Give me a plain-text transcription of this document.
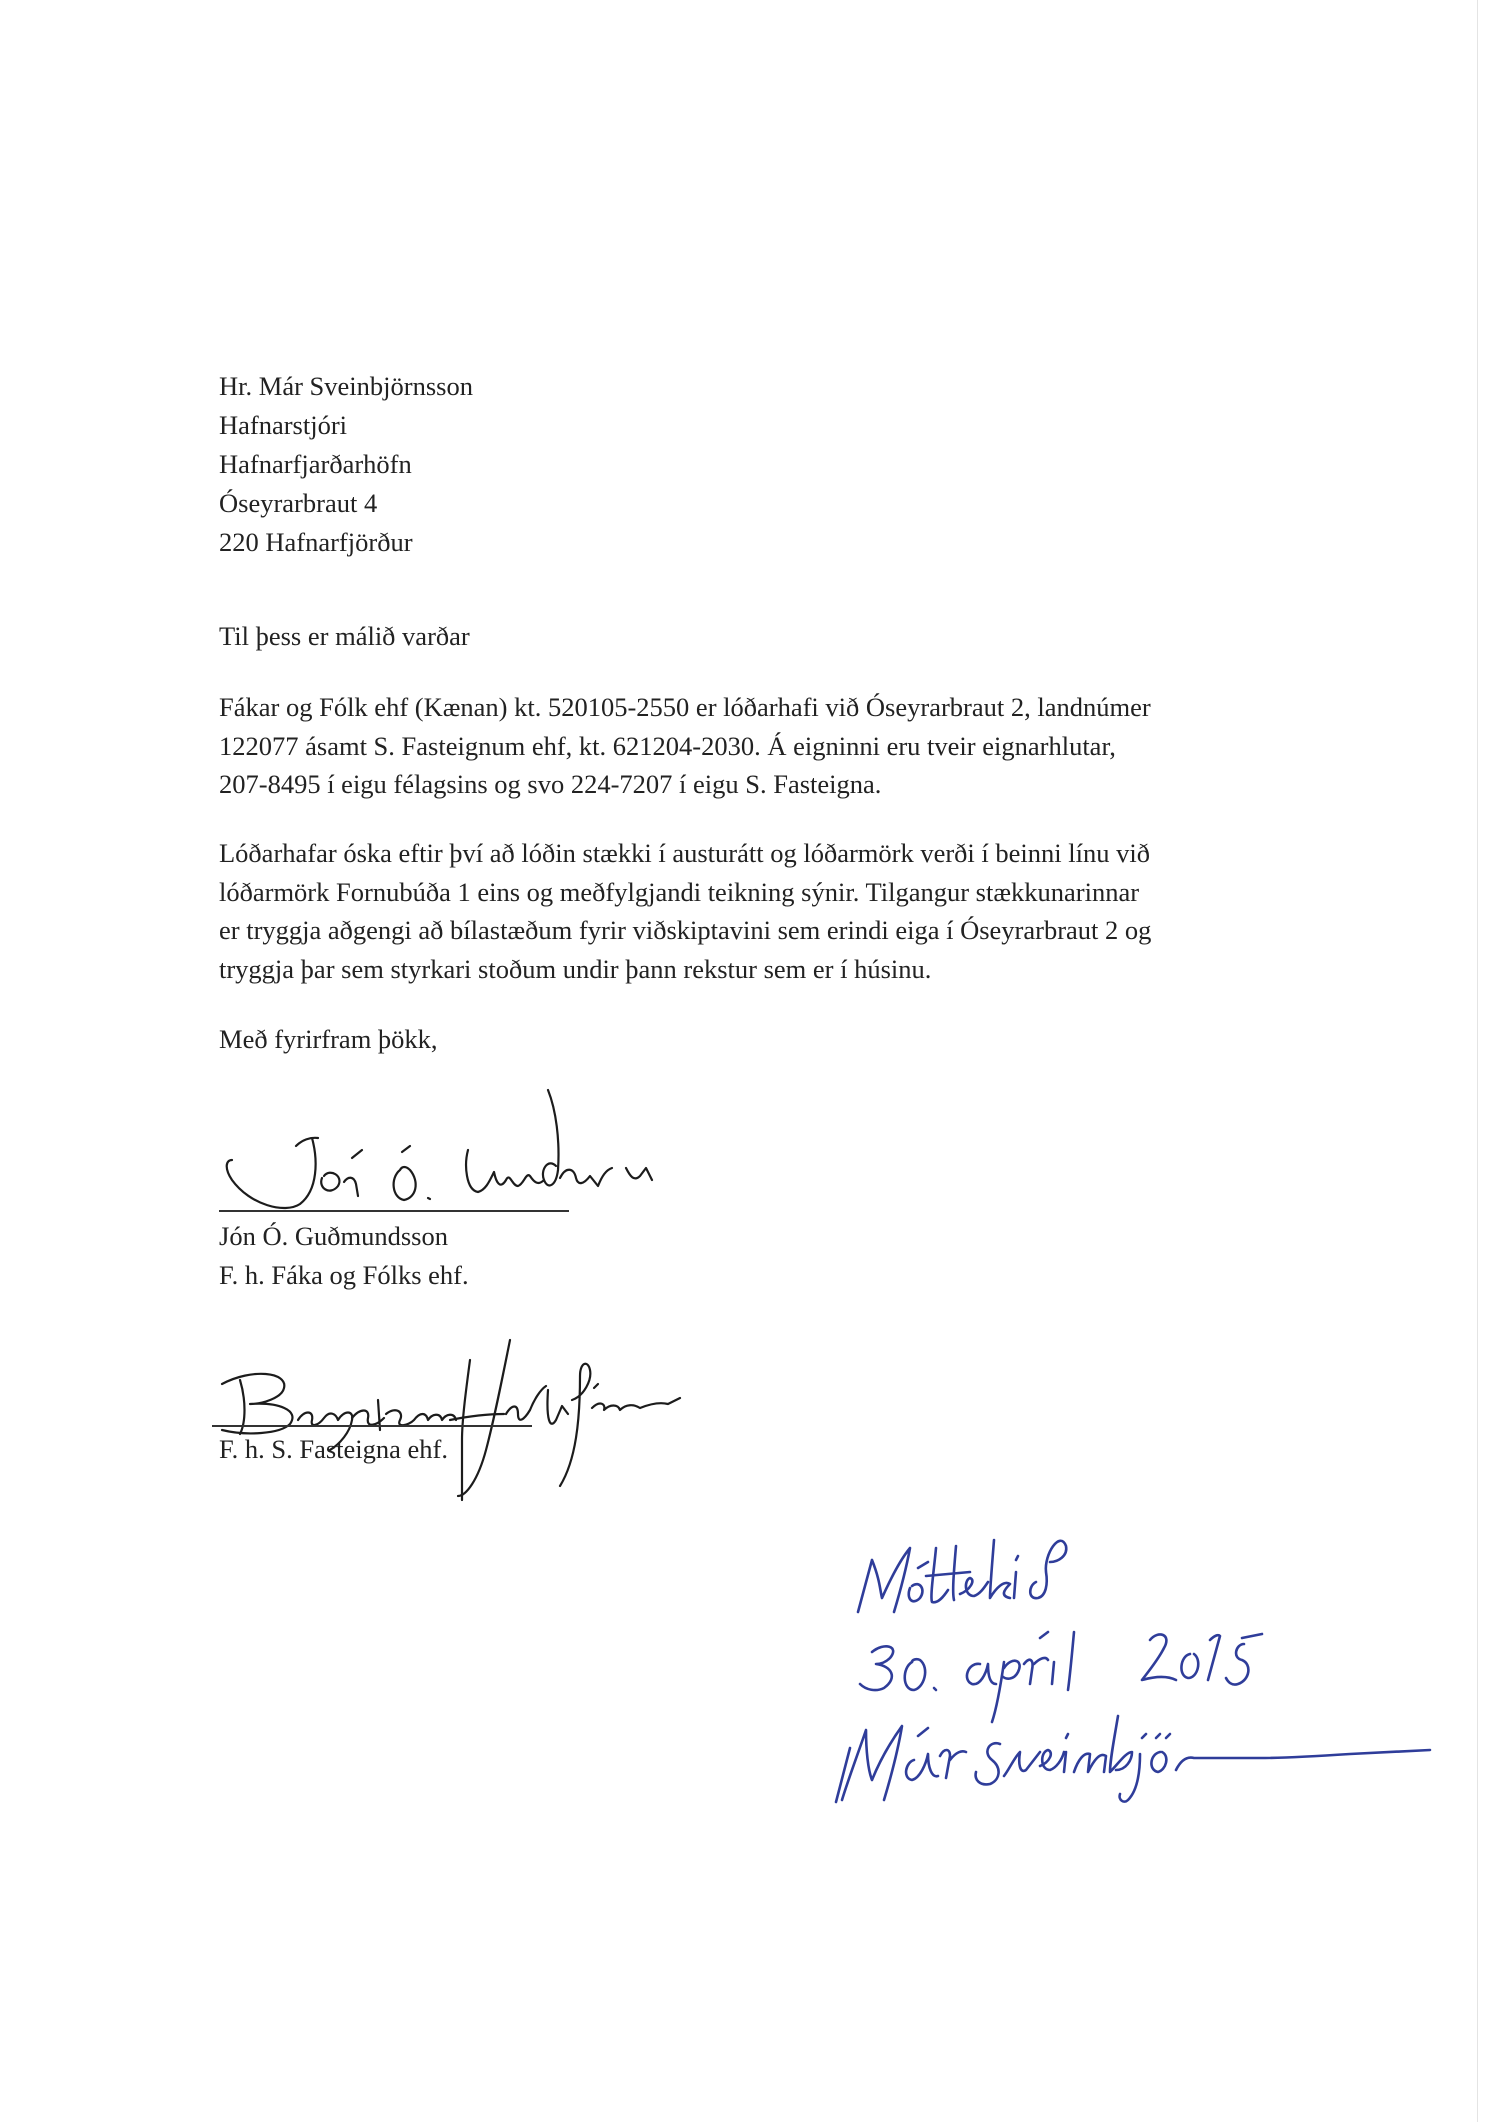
Hr. Már Sveinbjörnsson
Hafnarstjóri
Hafnarfjarðarhöfn
Óseyrarbraut 4
220 Hafnarfjörður
Til þess er málið varðar
Fákar og Fólk ehf (Kænan) kt. 520105-2550 er lóðarhafi við Óseyrarbraut 2, landnúmer
122077 ásamt S. Fasteignum ehf, kt. 621204-2030. Á eigninni eru tveir eignarhlutar,
207-8495 í eigu félagsins og svo 224-7207 í eigu S. Fasteigna.
Lóðarhafar óska eftir því að lóðin stækki í austurátt og lóðarmörk verði í beinni línu við
lóðarmörk Fornubúða 1 eins og meðfylgjandi teikning sýnir. Tilgangur stækkunarinnar
er tryggja aðgengi að bílastæðum fyrir viðskiptavini sem erindi eiga í Óseyrarbraut 2 og
tryggja þar sem styrkari stoðum undir þann rekstur sem er í húsinu.
Með fyrirfram þökk,
Jón Ó. Guðmundsson
F. h. Fáka og Fólks ehf.
F. h. S. Fasteigna ehf.
